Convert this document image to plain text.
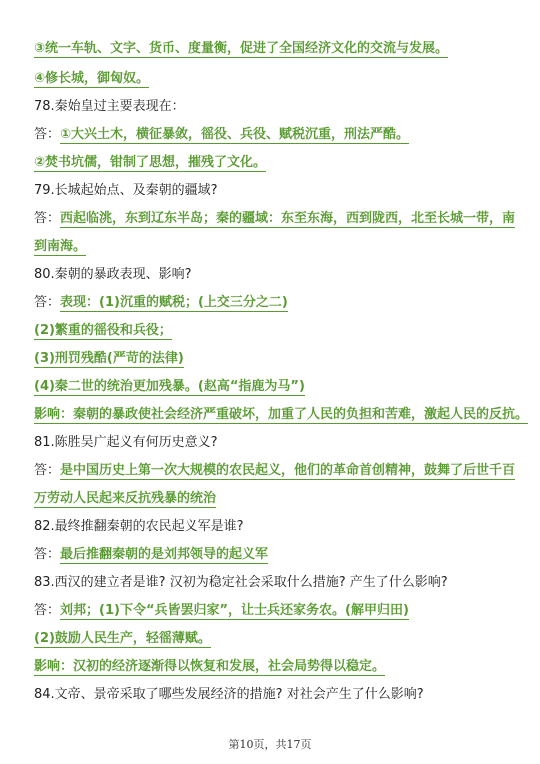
③统一车轨、文字、货币、度量衡，促进了全国经济文化的交流与发展。
④修长城，御匈奴。
78.秦始皇过主要表现在：
答：①大兴土木，横征暴敛，徭役、兵役、赋税沉重，刑法严酷。
②焚书坑儒，钳制了思想，摧残了文化。
79.长城起始点、及秦朝的疆域?
答：西起临洮，东到辽东半岛；秦的疆域：东至东海，西到陇西，北至长城一带，南
到南海。
80.秦朝的暴政表现、影响?
答：表现：(1)沉重的赋税；(上交三分之二)
(2)繁重的徭役和兵役；
(3)刑罚残酷(严苛的法律)
(4)秦二世的统治更加残暴。(赵高“指鹿为马”)
影响：秦朝的暴政使社会经济严重破坏，加重了人民的负担和苦难，激起人民的反抗。
81.陈胜吴广起义有何历史意义?
答：是中国历史上第一次大规模的农民起义，他们的革命首创精神，鼓舞了后世千百
万劳动人民起来反抗残暴的统治
82.最终推翻秦朝的农民起义军是谁?
答：最后推翻秦朝的是刘邦领导的起义军
83.西汉的建立者是谁? 汉初为稳定社会采取什么措施? 产生了什么影响?
答：刘邦；(1)下令“兵皆罢归家”，让士兵还家务农。(解甲归田)
(2)鼓励人民生产，轻徭薄赋。
影响：汉初的经济逐渐得以恢复和发展，社会局势得以稳定。
84.文帝、景帝采取了哪些发展经济的措施? 对社会产生了什么影响?
第10页，共17页
